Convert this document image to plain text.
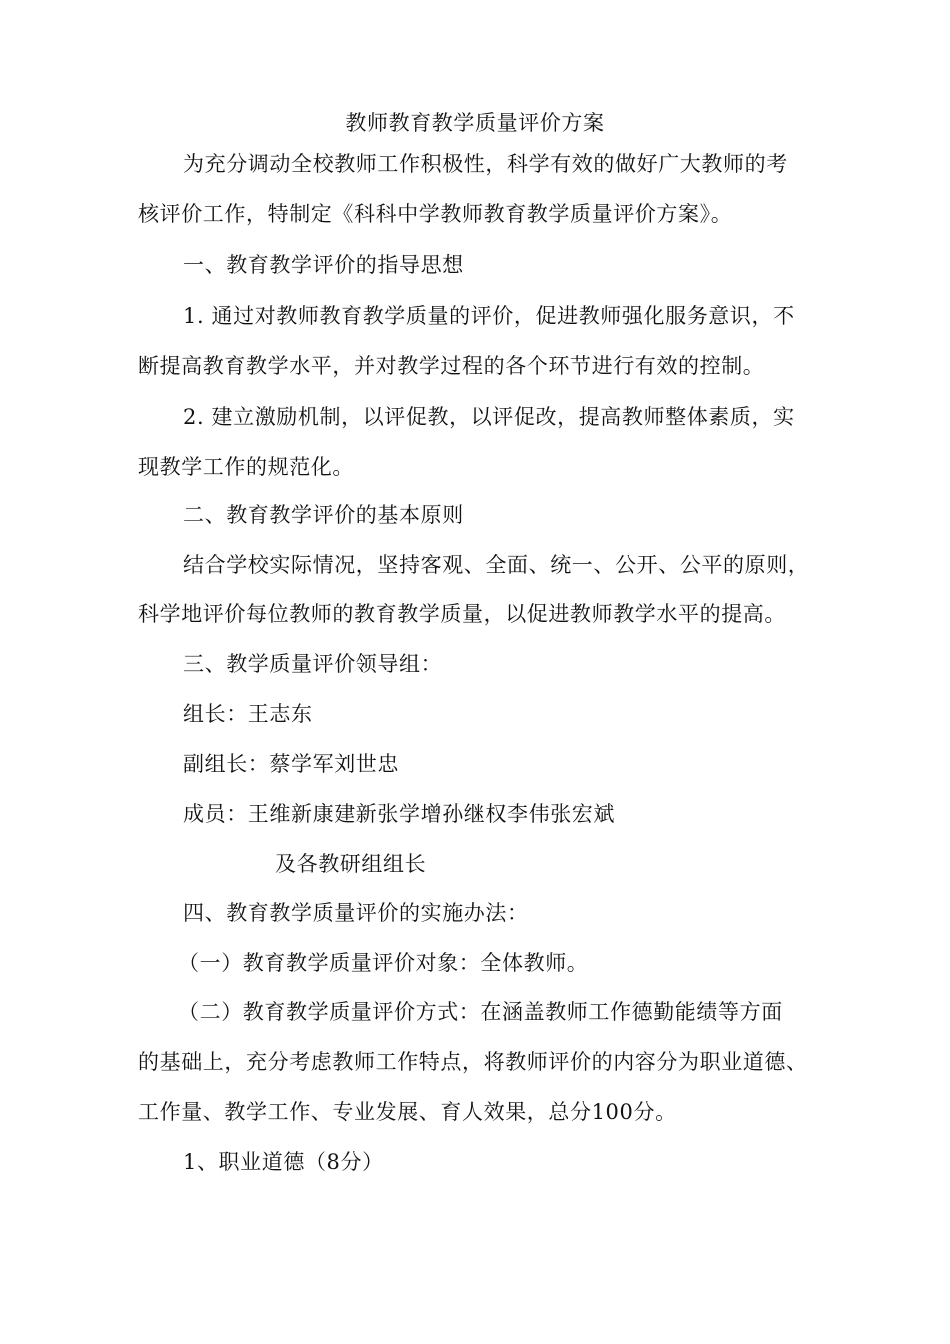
教师教育教学质量评价方案
为充分调动全校教师工作积极性，科学有效的做好广大教师的考
核评价工作，特制定《科科中学教师教育教学质量评价方案》。
一、教育教学评价的指导思想
1. 通过对教师教育教学质量的评价，促进教师强化服务意识，不
断提高教育教学水平，并对教学过程的各个环节进行有效的控制。
2. 建立激励机制，以评促教，以评促改，提高教师整体素质，实
现教学工作的规范化。
二、教育教学评价的基本原则
结合学校实际情况，坚持客观、全面、统一、公开、公平的原则，
科学地评价每位教师的教育教学质量，以促进教师教学水平的提高。
三、教学质量评价领导组：
组长：王志东
副组长：蔡学军刘世忠
成员：王维新康建新张学增孙继权李伟张宏斌
及各教研组组长
四、教育教学质量评价的实施办法：
（一）教育教学质量评价对象：全体教师。
（二）教育教学质量评价方式：在涵盖教师工作德勤能绩等方面
的基础上，充分考虑教师工作特点，将教师评价的内容分为职业道德、
工作量、教学工作、专业发展、育人效果，总分100分。
1、职业道德（8分）
